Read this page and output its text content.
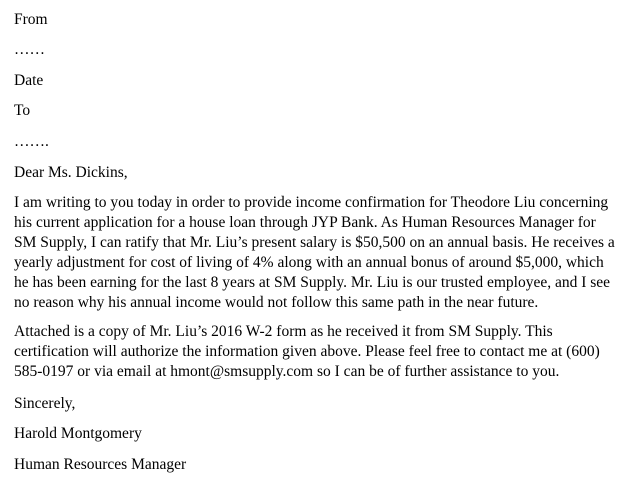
From

……

Date

To

…….

Dear Ms. Dickins,

I am writing to you today in order to provide income confirmation for Theodore Liu concerning
his current application for a house loan through JYP Bank. As Human Resources Manager for
SM Supply, I can ratify that Mr. Liu’s present salary is $50,500 on an annual basis. He receives a
yearly adjustment for cost of living of 4% along with an annual bonus of around $5,000, which
he has been earning for the last 8 years at SM Supply. Mr. Liu is our trusted employee, and I see
no reason why his annual income would not follow this same path in the near future.
Attached is a copy of Mr. Liu’s 2016 W-2 form as he received it from SM Supply. This
certification will authorize the information given above. Please feel free to contact me at (600)
585-0197 or via email at hmont@smsupply.com so I can be of further assistance to you.

Sincerely,

Harold Montgomery

Human Resources Manager
